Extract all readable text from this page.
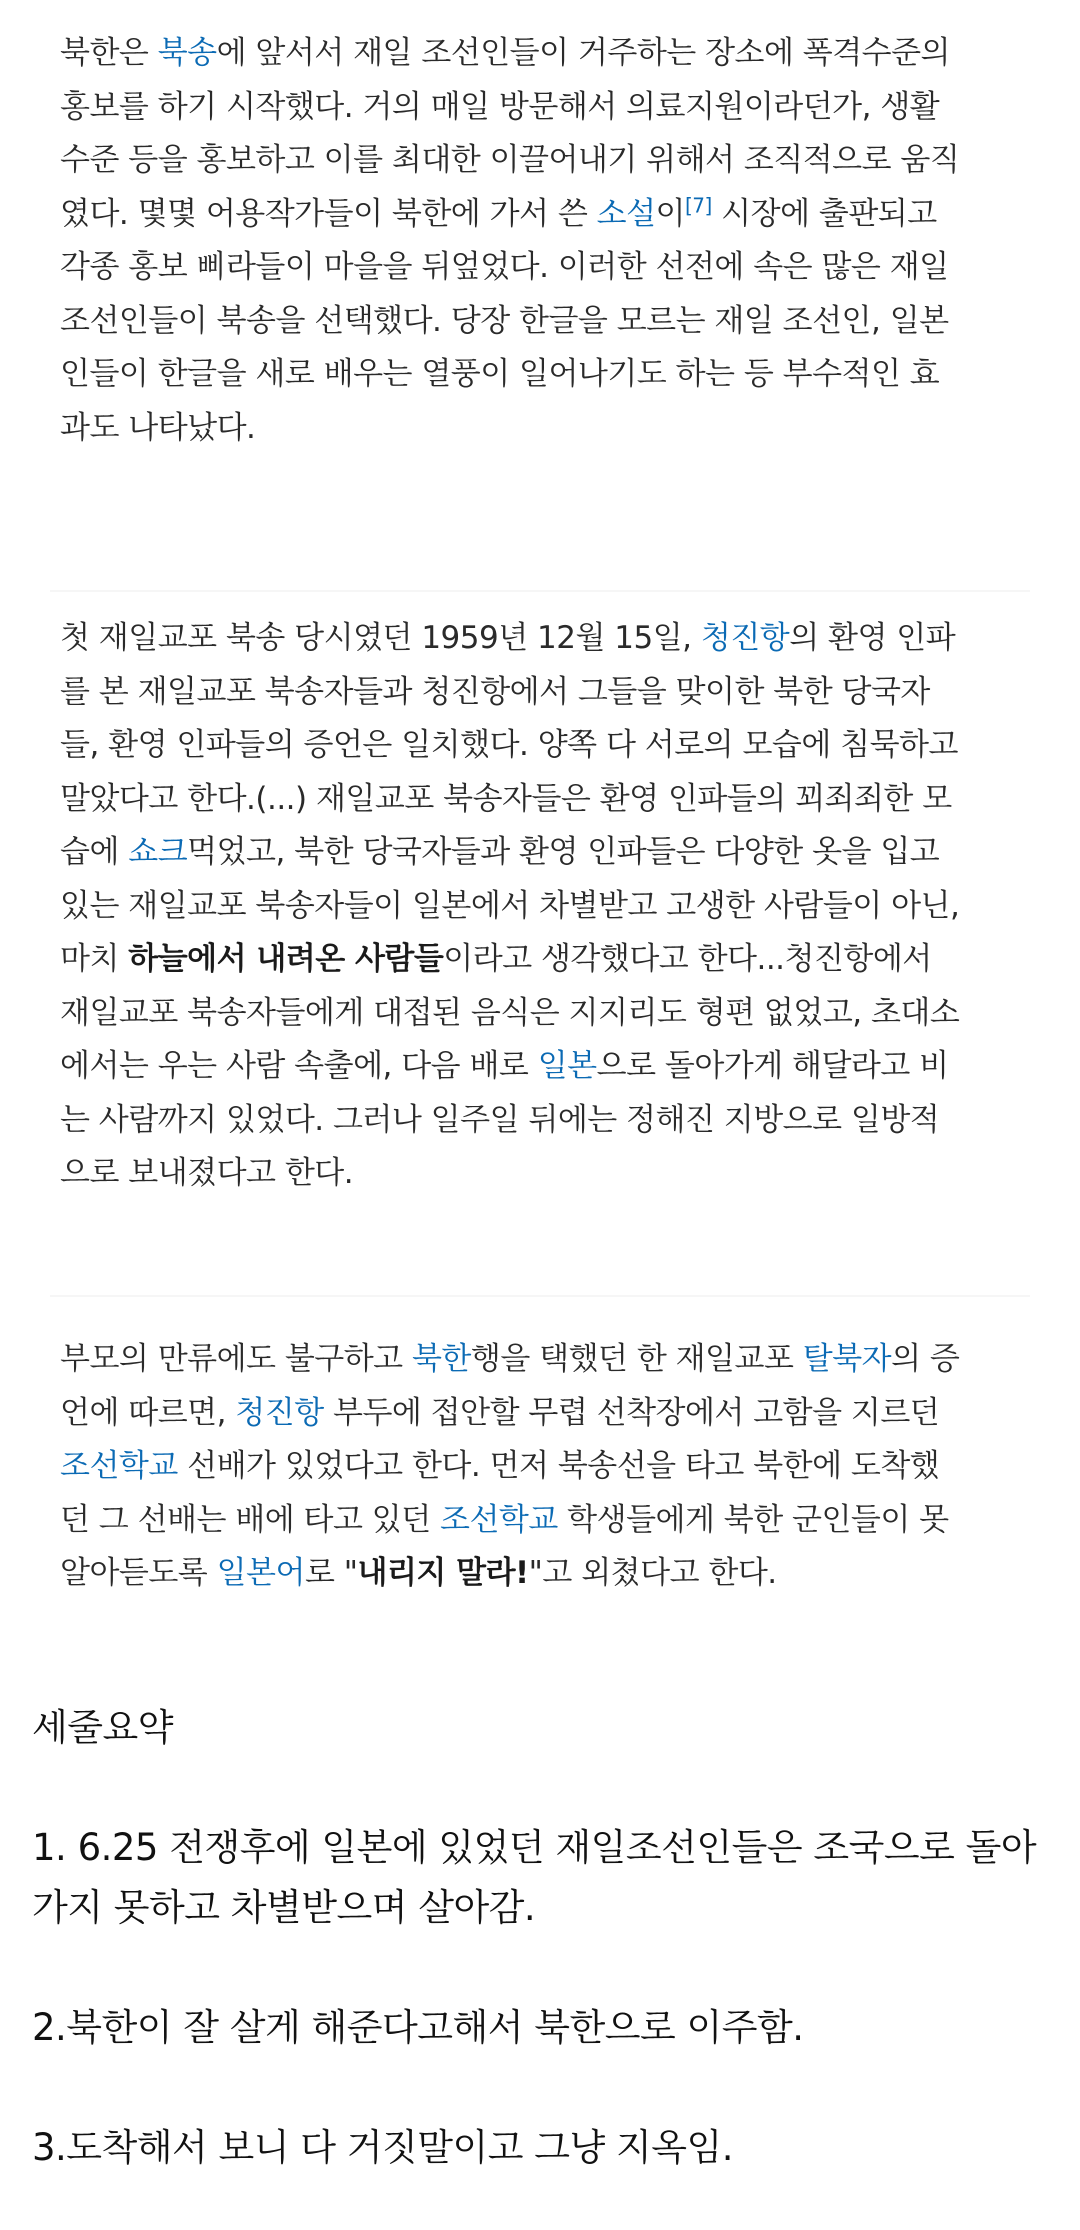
북한은 북송에 앞서서 재일 조선인들이 거주하는 장소에 폭격수준의
홍보를 하기 시작했다. 거의 매일 방문해서 의료지원이라던가, 생활
수준 등을 홍보하고 이를 최대한 이끌어내기 위해서 조직적으로 움직
였다. 몇몇 어용작가들이 북한에 가서 쓴 소설이[7] 시장에 출판되고
각종 홍보 삐라들이 마을을 뒤엎었다. 이러한 선전에 속은 많은 재일
조선인들이 북송을 선택했다. 당장 한글을 모르는 재일 조선인, 일본
인들이 한글을 새로 배우는 열풍이 일어나기도 하는 등 부수적인 효
과도 나타났다.
첫 재일교포 북송 당시였던 1959년 12월 15일, 청진항의 환영 인파
를 본 재일교포 북송자들과 청진항에서 그들을 맞이한 북한 당국자
들, 환영 인파들의 증언은 일치했다. 양쪽 다 서로의 모습에 침묵하고
말았다고 한다.(...) 재일교포 북송자들은 환영 인파들의 꾀죄죄한 모
습에 쇼크먹었고, 북한 당국자들과 환영 인파들은 다양한 옷을 입고
있는 재일교포 북송자들이 일본에서 차별받고 고생한 사람들이 아닌,
마치 하늘에서 내려온 사람들이라고 생각했다고 한다...청진항에서
재일교포 북송자들에게 대접된 음식은 지지리도 형편 없었고, 초대소
에서는 우는 사람 속출에, 다음 배로 일본으로 돌아가게 해달라고 비
는 사람까지 있었다. 그러나 일주일 뒤에는 정해진 지방으로 일방적
으로 보내졌다고 한다.
부모의 만류에도 불구하고 북한행을 택했던 한 재일교포 탈북자의 증
언에 따르면, 청진항 부두에 접안할 무렵 선착장에서 고함을 지르던
조선학교 선배가 있었다고 한다. 먼저 북송선을 타고 북한에 도착했
던 그 선배는 배에 타고 있던 조선학교 학생들에게 북한 군인들이 못
알아듣도록 일본어로 "내리지 말라!"고 외쳤다고 한다.
세줄요약
1. 6.25 전쟁후에 일본에 있었던 재일조선인들은 조국으로 돌아
가지 못하고 차별받으며 살아감.
2.북한이 잘 살게 해준다고해서 북한으로 이주함.
3.도착해서 보니 다 거짓말이고 그냥 지옥임.
